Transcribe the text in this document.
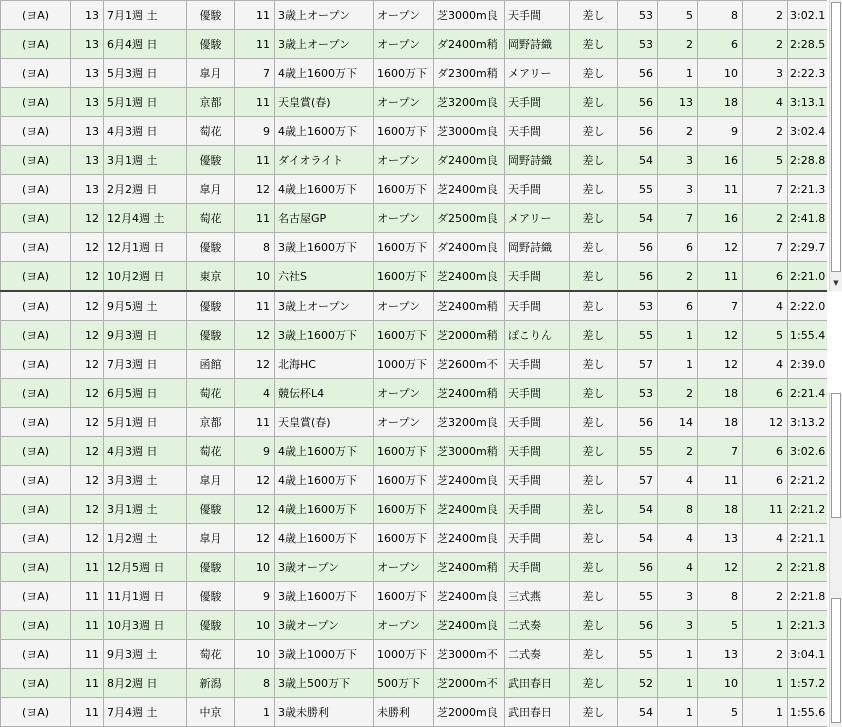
(ヨA)	13	7月1週 土	優駿	11	3歳上オープン	オープン	芝3000m良	天手間	差し	53	5	8	2	3:02.1
(ヨA)	13	6月4週 日	優駿	11	3歳上オープン	オープン	ダ2400m稍	岡野詩織	差し	53	2	6	2	2:28.5
(ヨA)	13	5月3週 日	皐月	7	4歳上1600万下	1600万下	ダ2300m稍	メアリー	差し	56	1	10	3	2:22.3
(ヨA)	13	5月1週 日	京都	11	天皇賞(春)	オープン	芝3200m良	天手間	差し	56	13	18	4	3:13.1
(ヨA)	13	4月3週 日	萄花	9	4歳上1600万下	1600万下	芝3000m良	天手間	差し	56	2	9	2	3:02.4
(ヨA)	13	3月1週 土	優駿	11	ダイオライト	オープン	ダ2400m良	岡野詩織	差し	54	3	16	5	2:28.8
(ヨA)	13	2月2週 日	皐月	12	4歳上1600万下	1600万下	芝2400m良	天手間	差し	55	3	11	7	2:21.3
(ヨA)	12	12月4週 土	萄花	11	名古屋GP	オープン	ダ2500m良	メアリー	差し	54	7	16	2	2:41.8
(ヨA)	12	12月1週 日	優駿	8	3歳上1600万下	1600万下	ダ2400m良	岡野詩織	差し	56	6	12	7	2:29.7
(ヨA)	12	10月2週 日	東京	10	六社S	1600万下	芝2400m良	天手間	差し	56	2	11	6	2:21.0
(ヨA)	12	9月5週 土	優駿	11	3歳上オープン	オープン	芝2400m稍	天手間	差し	53	6	7	4	2:22.0
(ヨA)	12	9月3週 日	優駿	12	3歳上1600万下	1600万下	芝2000m稍	ぽこりん	差し	55	1	12	5	1:55.4
(ヨA)	12	7月3週 日	函館	12	北海HC	1000万下	芝2600m不	天手間	差し	57	1	12	4	2:39.0
(ヨA)	12	6月5週 日	萄花	4	競伝杯L4	オープン	芝2400m稍	天手間	差し	53	2	18	6	2:21.4
(ヨA)	12	5月1週 日	京都	11	天皇賞(春)	オープン	芝3200m良	天手間	差し	56	14	18	12	3:13.2
(ヨA)	12	4月3週 日	萄花	9	4歳上1600万下	1600万下	芝3000m稍	天手間	差し	55	2	7	6	3:02.6
(ヨA)	12	3月3週 土	皐月	12	4歳上1600万下	1600万下	芝2400m良	天手間	差し	57	4	11	6	2:21.2
(ヨA)	12	3月1週 土	優駿	12	4歳上1600万下	1600万下	芝2400m良	天手間	差し	54	8	18	11	2:21.2
(ヨA)	12	1月2週 土	皐月	12	4歳上1600万下	1600万下	芝2400m良	天手間	差し	54	4	13	4	2:21.1
(ヨA)	11	12月5週 日	優駿	10	3歳オープン	オープン	芝2400m稍	天手間	差し	56	4	12	2	2:21.8
(ヨA)	11	11月1週 日	優駿	9	3歳上1600万下	1600万下	芝2400m良	三式燕	差し	55	3	8	2	2:21.8
(ヨA)	11	10月3週 日	優駿	10	3歳オープン	オープン	芝2400m良	二式奏	差し	56	3	5	1	2:21.3
(ヨA)	11	9月3週 土	萄花	10	3歳上1000万下	1000万下	芝3000m不	二式奏	差し	55	1	13	2	3:04.1
(ヨA)	11	8月2週 日	新潟	8	3歳上500万下	500万下	芝2000m不	武田春日	差し	52	1	10	1	1:57.2
(ヨA)	11	7月4週 土	中京	1	3歳未勝利	未勝利	芝2000m良	武田春日	差し	54	1	5	1	1:55.6
▼
